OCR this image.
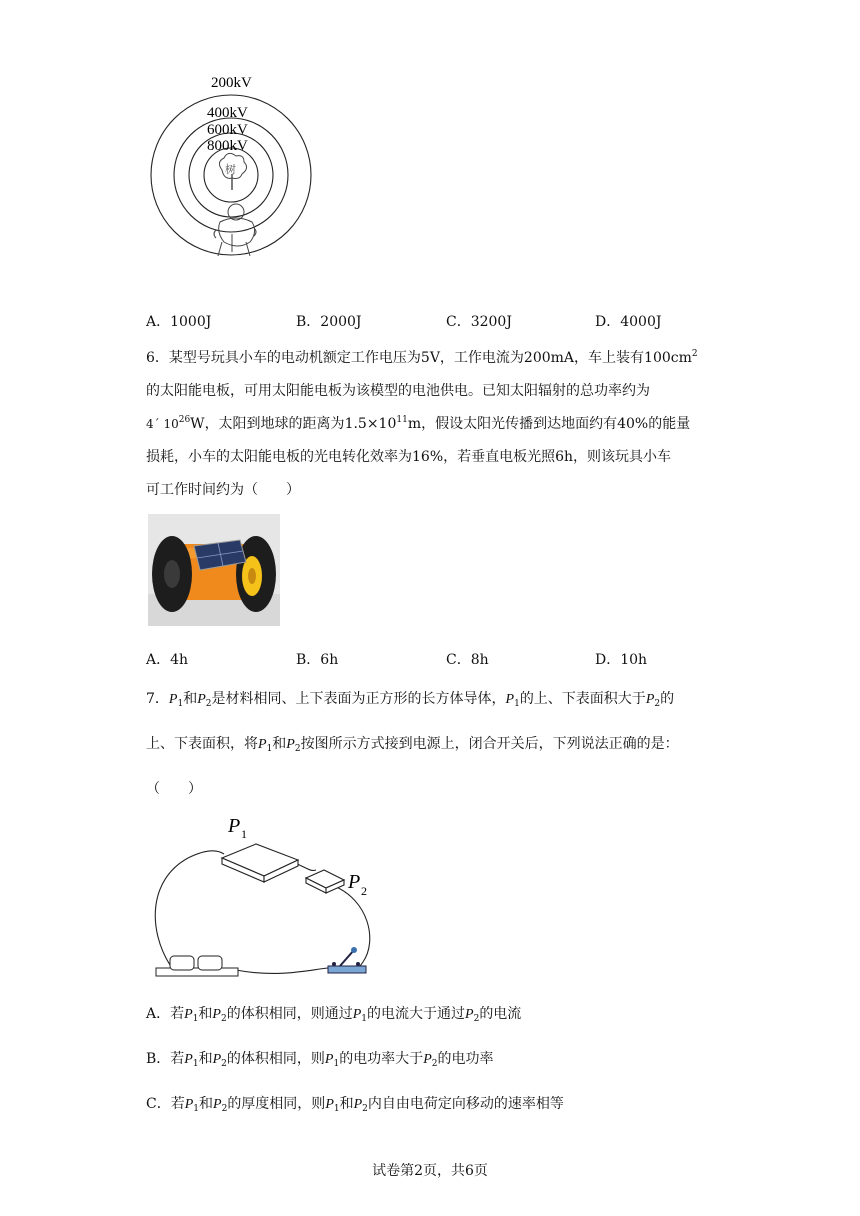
200kV
400kV
600kV
800kV
树
A．1000J	B．2000J	C．3200J	D．4000J
6．某型号玩具小车的电动机额定工作电压为5V，工作电流为200mA，车上装有$100cm^2$
的太阳能电板，可用太阳能电板为该模型的电池供电。已知太阳辐射的总功率约为
4´ $10^{26}W$，太阳到地球的距离为$1.5\times 10^{11}m$，假设太阳光传播到达地面约有40%的能量
损耗，小车的太阳能电板的光电转化效率为16%，若垂直电板光照6h，则该玩具小车
可工作时间约为（　　）
A．4h	B．6h	C．8h	D．10h
7．$P_1$和$P_2$是材料相同、上下表面为正方形的长方体导体，$P_1$的上、下表面积大于$P_2$的
上、下表面积，将$P_1$和$P_2$按图所示方式接到电源上，闭合开关后，下列说法正确的是：
（　　）
P 1
P 2
A．若$P_1$和$P_2$的体积相同，则通过$P_1$的电流大于通过$P_2$的电流
B．若$P_1$和$P_2$的体积相同，则$P_1$的电功率大于$P_2$的电功率
C．若$P_1$和$P_2$的厚度相同，则$P_1$和$P_2$内自由电荷定向移动的速率相等
试卷第2页，共6页
